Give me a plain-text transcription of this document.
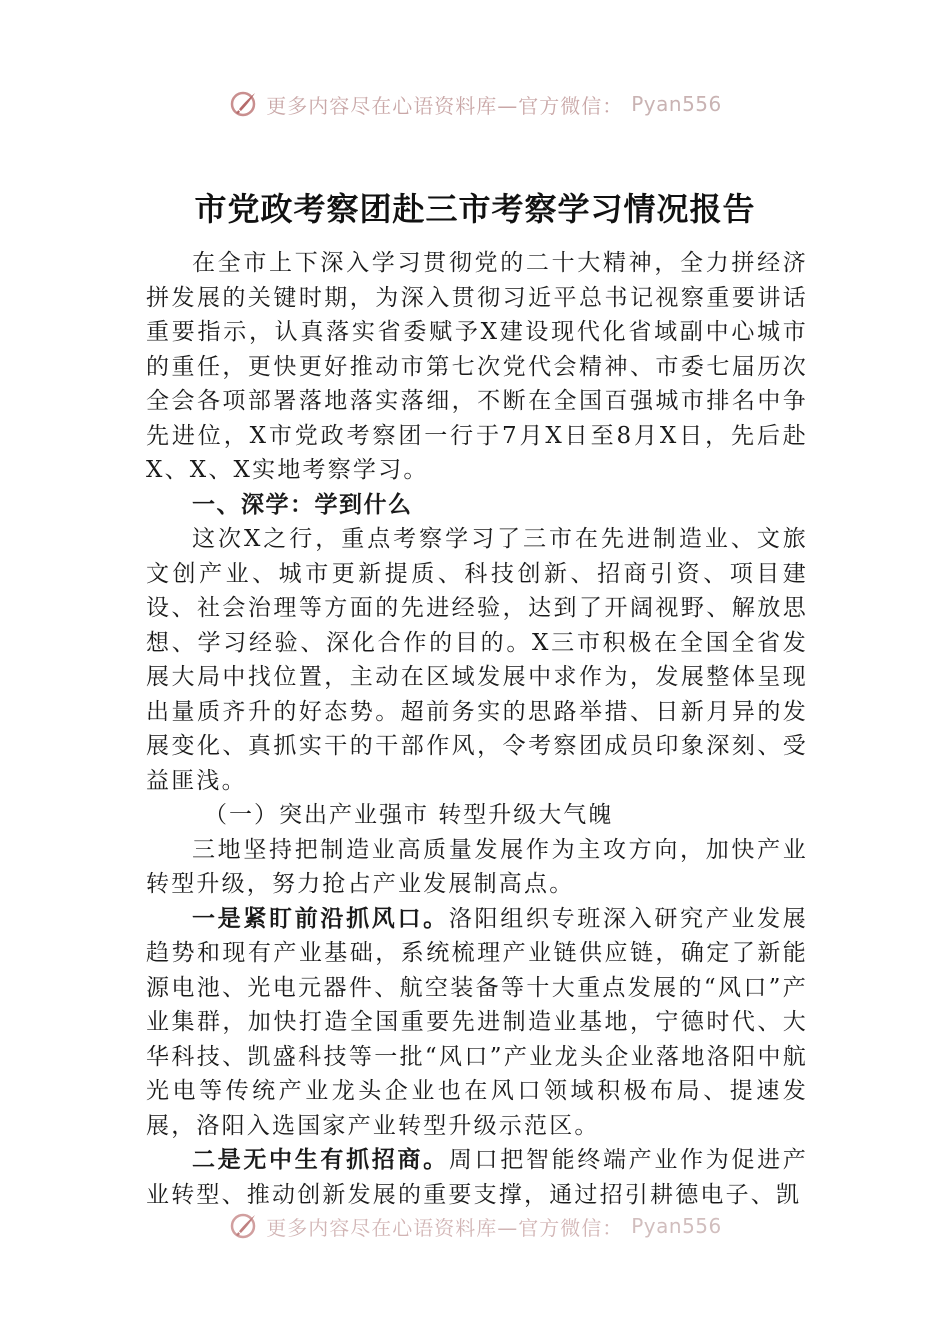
更多内容尽在心语资料库—官方微信： Pyan556
市党政考察团赴三市考察学习情况报告

在全市上下深入学习贯彻党的二十大精神，全力拼经济拼发展的关键时期，为深入贯彻习近平总书记视察重要讲话重要指示，认真落实省委赋予X建设现代化省域副中心城市的重任，更快更好推动市第七次党代会精神、市委七届历次全会各项部署落地落实落细，不断在全国百强城市排名中争先进位，X市党政考察团一行于7月X日至8月X日，先后赴X、X、X实地考察学习。

一、深学：学到什么

这次X之行，重点考察学习了三市在先进制造业、文旅文创产业、城市更新提质、科技创新、招商引资、项目建设、社会治理等方面的先进经验，达到了开阔视野、解放思想、学习经验、深化合作的目的。X三市积极在全国全省发展大局中找位置，主动在区域发展中求作为，发展整体呈现出量质齐升的好态势。超前务实的思路举措、日新月异的发展变化、真抓实干的干部作风，令考察团成员印象深刻、受益匪浅。

（一）突出产业强市 转型升级大气魄

三地坚持把制造业高质量发展作为主攻方向，加快产业转型升级，努力抢占产业发展制高点。

一是紧盯前沿抓风口。洛阳组织专班深入研究产业发展趋势和现有产业基础，系统梳理产业链供应链，确定了新能源电池、光电元器件、航空装备等十大重点发展的“风口”产业集群，加快打造全国重要先进制造业基地，宁德时代、大华科技、凯盛科技等一批“风口”产业龙头企业落地洛阳中航光电等传统产业龙头企业也在风口领域积极布局、提速发展，洛阳入选国家产业转型升级示范区。

二是无中生有抓招商。周口把智能终端产业作为促进产业转型、推动创新发展的重要支撑，通过招引耕德电子、凯

更多内容尽在心语资料库—官方微信： Pyan556
